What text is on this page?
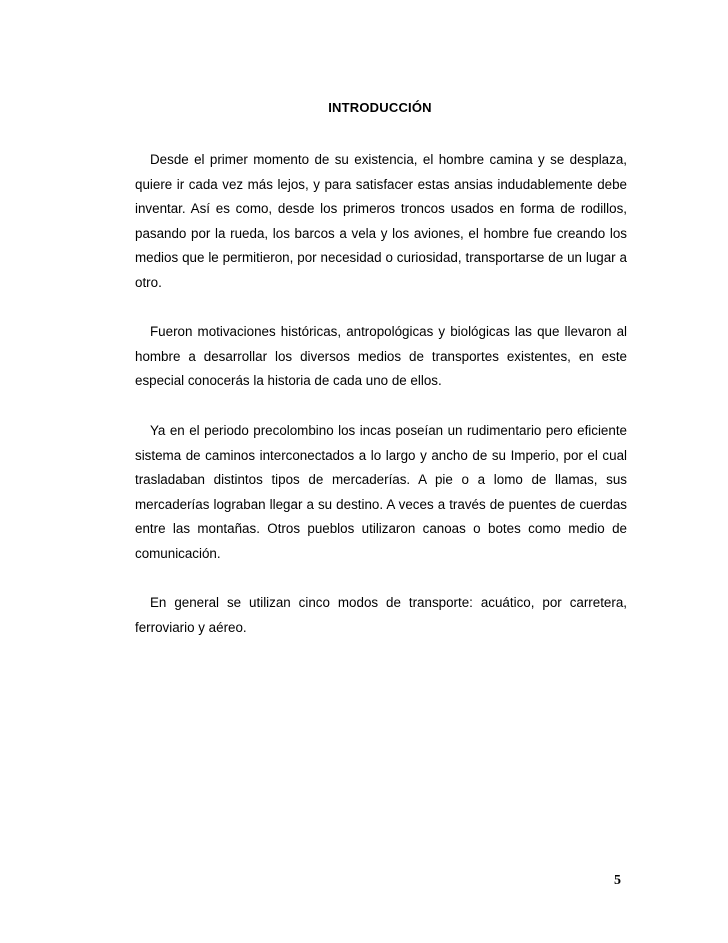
INTRODUCCIÓN

Desde el primer momento de su existencia, el hombre camina y se desplaza, quiere ir cada vez más lejos, y para satisfacer estas ansias indudablemente debe inventar. Así es como, desde los primeros troncos usados en forma de rodillos, pasando por la rueda, los barcos a vela y los aviones, el hombre fue creando los medios que le permitieron, por necesidad o curiosidad, transportarse de un lugar a otro.

Fueron motivaciones históricas, antropológicas y biológicas las que llevaron al hombre a desarrollar los diversos medios de transportes existentes, en este especial conocerás la historia de cada uno de ellos.

Ya en el periodo precolombino los incas poseían un rudimentario pero eficiente sistema de caminos interconectados a lo largo y ancho de su Imperio, por el cual trasladaban distintos tipos de mercaderías. A pie o a lomo de llamas, sus mercaderías lograban llegar a su destino. A veces a través de puentes de cuerdas entre las montañas. Otros pueblos utilizaron canoas o botes como medio de comunicación.

En general se utilizan cinco modos de transporte: acuático, por carretera, ferroviario y aéreo.

5
